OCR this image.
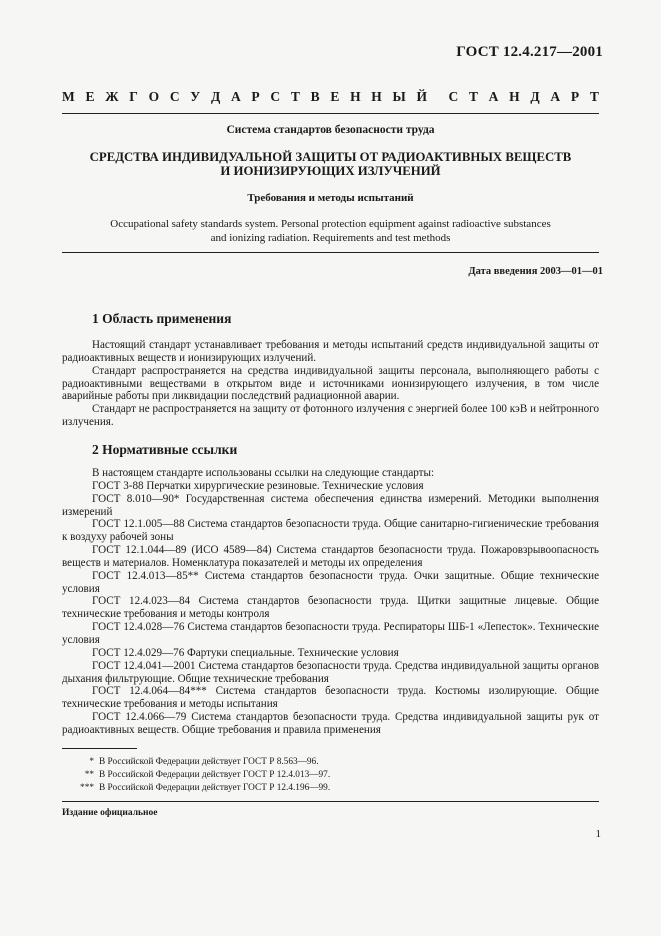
ГОСТ 12.4.217—2001
М Е Ж Г О С У Д А Р С Т В Е Н Н Ы Й С Т А Н Д А Р Т
Система стандартов безопасности труда
СРЕДСТВА ИНДИВИДУАЛЬНОЙ ЗАЩИТЫ ОТ РАДИОАКТИВНЫХ ВЕЩЕСТВ
И ИОНИЗИРУЮЩИХ ИЗЛУЧЕНИЙ
Требования и методы испытаний
Occupational safety standards system. Personal protection equipment against radioactive substances
and ionizing radiation. Requirements and test methods
Дата введения 2003—01—01
1 Область применения

Настоящий стандарт устанавливает требования и методы испытаний средств индивидуальной защиты от радиоактивных веществ и ионизирующих излучений.

Стандарт распространяется на средства индивидуальной защиты персонала, выполняющего работы с радиоактивными веществами в открытом виде и источниками ионизирующего излучения, в том числе аварийные работы при ликвидации последствий радиационной аварии.

Стандарт не распространяется на защиту от фотонного излучения с энергией более 100 кэВ и нейтронного излучения.

2 Нормативные ссылки

В настоящем стандарте использованы ссылки на следующие стандарты:

ГОСТ 3-88 Перчатки хирургические резиновые. Технические условия

ГОСТ 8.010—90* Государственная система обеспечения единства измерений. Методики выполнения измерений

ГОСТ 12.1.005—88 Система стандартов безопасности труда. Общие санитарно-гигиенические требования к воздуху рабочей зоны

ГОСТ 12.1.044—89 (ИСО 4589—84) Система стандартов безопасности труда. Пожаровзрывоопасность веществ и материалов. Номенклатура показателей и методы их определения

ГОСТ 12.4.013—85** Система стандартов безопасности труда. Очки защитные. Общие технические условия

ГОСТ 12.4.023—84 Система стандартов безопасности труда. Щитки защитные лицевые. Общие технические требования и методы контроля

ГОСТ 12.4.028—76 Система стандартов безопасности труда. Респираторы ШБ-1 «Лепесток». Технические условия

ГОСТ 12.4.029—76 Фартуки специальные. Технические условия

ГОСТ 12.4.041—2001 Система стандартов безопасности труда. Средства индивидуальной защиты органов дыхания фильтрующие. Общие технические требования

ГОСТ 12.4.064—84*** Система стандартов безопасности труда. Костюмы изолирующие. Общие технические требования и методы испытания

ГОСТ 12.4.066—79 Система стандартов безопасности труда. Средства индивидуальной защиты рук от радиоактивных веществ. Общие требования и правила применения

* В Российской Федерации действует ГОСТ Р 8.563—96.
** В Российской Федерации действует ГОСТ Р 12.4.013—97.
*** В Российской Федерации действует ГОСТ Р 12.4.196—99.
Издание официальное
1
